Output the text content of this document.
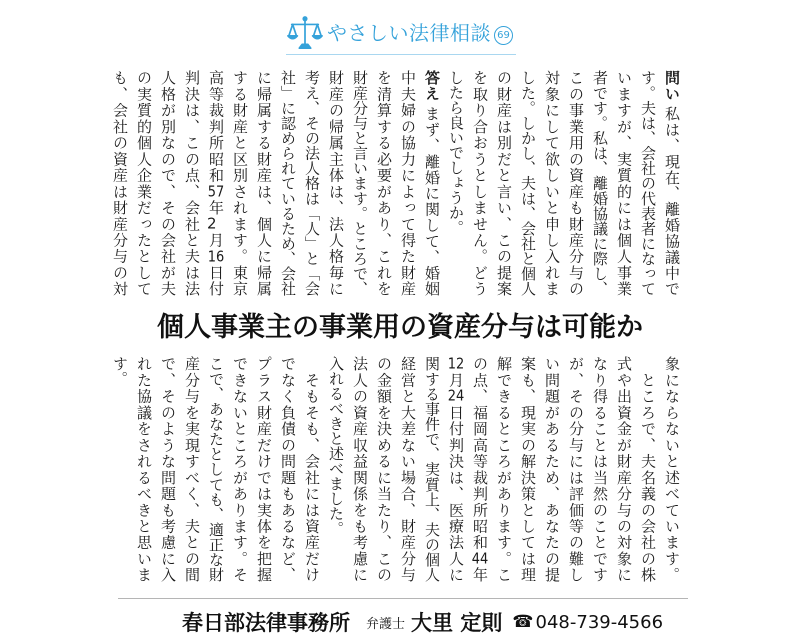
やさしい法律相談 69
問い私は、現在、離婚協議中で
す。夫は、会社の代表者になって
いますが、実質的には個人事業
者です。私は、離婚協議に際し、
この事業用の資産も財産分与の
対象にして欲しいと申し入れま
した。しかし、夫は、会社と個人
の財産は別だと言い、この提案
を取り合おうとしません。どう
したら良いでしょうか。
答えまず、離婚に関して、婚姻
中夫婦の協力によって得た財産
を清算する必要があり、これを
財産分与と言います。ところで、
財産の帰属主体は、法人格毎に
考え、その法人格は「人」と「会
社」に認められているため、会社
に帰属する財産は、個人に帰属
する財産と区別されます。東京
高等裁判所昭和57年2月16日付
判決は、この点、会社と夫は法
人格が別なので、その会社が夫
の実質的個人企業だったとして
も、会社の資産は財産分与の対
個人事業主の事業用の資産分与は可能か
象にならないと述べています。
　ところで、夫名義の会社の株
式や出資金が財産分与の対象に
なり得ることは当然のことです
が、その分与には評価等の難し
い問題があるため、あなたの提
案も、現実の解決策としては理
解できるところがあります。こ
の点、福岡高等裁判所昭和44年
12月24日付判決は、医療法人に
関する事件で、実質上、夫の個人
経営と大差ない場合、財産分与
の金額を決めるに当たり、この
法人の資産収益関係をも考慮に
入れるべきと述べました。
　そもそも、会社には資産だけ
でなく負債の問題もあるなど、
プラス財産だけでは実体を把握
できないところがあります。そ
こで、あなたとしても、適正な財
産分与を実現すべく、夫との間
で、そのような問題も考慮に入
れた協議をされるべきと思いま
す。
春日部法律事務所 弁護士 大里 定則 ☎ 048-739-4566
